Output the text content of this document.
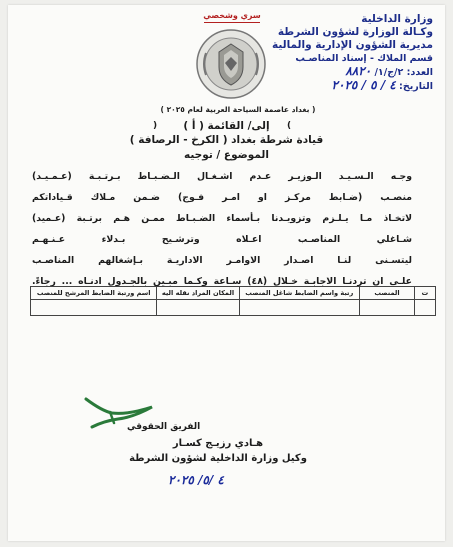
وزارة الداخلية
وكـالة الوزارة لشؤون الشرطة
مديرية الشؤون الإدارية والمالية
قسم الملاك - إسناد المناصـب
العدد: ٢/ج/١/ ٨٨٢٠
التاريخ: ٤ / ٥ / ٢٠٢٥
سري وشخصي
( بغداد عاصمة السياحة العربية لعام ٢٠٢٥ )
إلى/ القائمة ( أ )
(	)
قيادة شرطة بغداد ( الكرخ - الرصافة )
الموضوع / توجيه
وجـه الـسـيـد الـوزيـر عـدم اشـغـال الـضـبـاط بـرتـبـة (عـمـيـد)
منصـب (ضـابط مركـز او امـر فـوج) ضـمن مـلاك قـياداتكم
لاتخـاذ مـا يـلـزم وتزويـدنا بـأسماء الضـبـاط ممـن هـم برتـبة (عـميد)
شـاغلي المناصـب اعـلاه وترشـيح بـدلاء عـنـهـم
ليتسـنى لنـا اصـدار الاوامـر الاداريـة بـإشغالهم المناصـب
علـى ان تردنـا الاجابـة خـلال (٤٨) سـاعة وكـما مبـين بالجـدول ادنـاه ... رجاءً.
ت	المنصب	رتبة واسم الضابط شاغل المنصب	المكان المراد نقله اليه	اسم ورتبة الضابط المرشح للمنصب

الفريق الحقوقي
هـادي رزيـج كسـار
وكيل وزارة الداخلية لشؤون الشرطة
٤ /٥/ ٢٠٢٥
